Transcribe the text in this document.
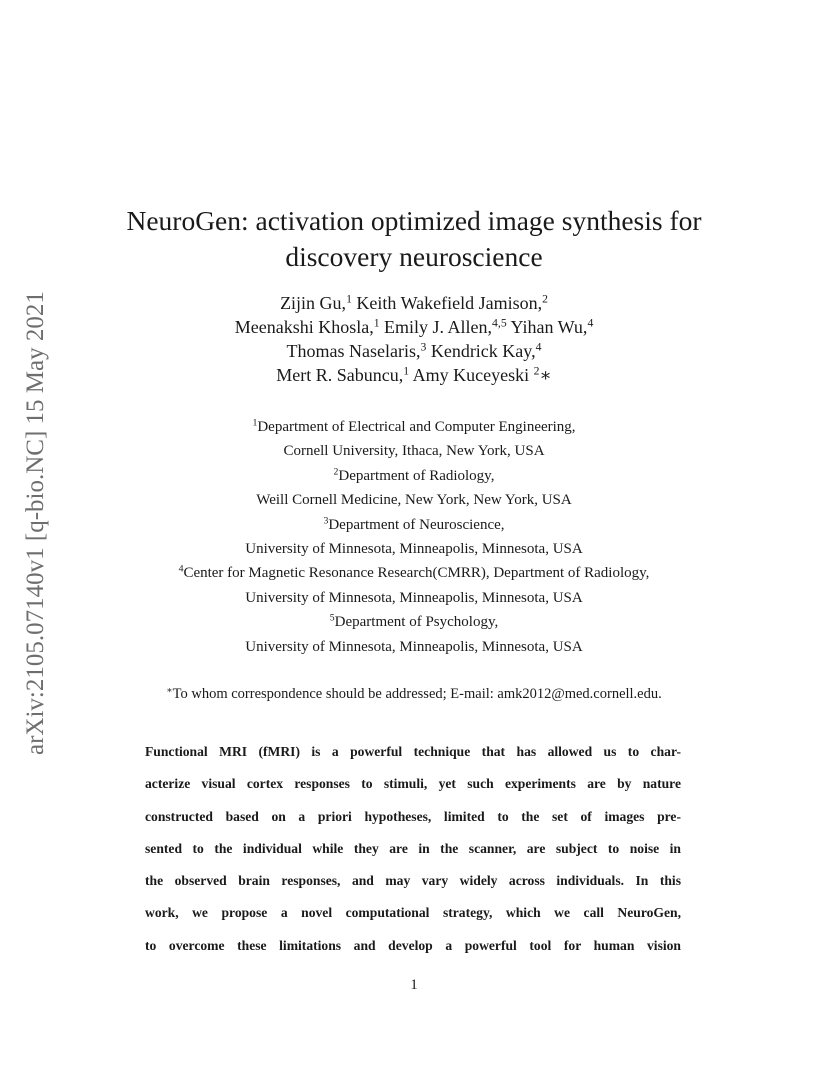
arXiv:2105.07140v1 [q-bio.NC] 15 May 2021
NeuroGen: activation optimized image synthesis for
discovery neuroscience
Zijin Gu,$^1$ Keith Wakefield Jamison,$^2$
Meenakshi Khosla,$^1$ Emily J. Allen,$^{4,5}$ Yihan Wu,$^4$
Thomas Naselaris,$^3$ Kendrick Kay,$^4$
Mert R. Sabuncu,$^1$ Amy Kuceyeski $^2$∗
$^1$Department of Electrical and Computer Engineering,
Cornell University, Ithaca, New York, USA
$^2$Department of Radiology,
Weill Cornell Medicine, New York, New York, USA
$^3$Department of Neuroscience,
University of Minnesota, Minneapolis, Minnesota, USA
$^4$Center for Magnetic Resonance Research(CMRR), Department of Radiology,
University of Minnesota, Minneapolis, Minnesota, USA
$^5$Department of Psychology,
University of Minnesota, Minneapolis, Minnesota, USA
∗To whom correspondence should be addressed; E-mail: amk2012@med.cornell.edu.
Functional MRI (fMRI) is a powerful technique that has allowed us to char-
acterize visual cortex responses to stimuli, yet such experiments are by nature
constructed based on a priori hypotheses, limited to the set of images pre-
sented to the individual while they are in the scanner, are subject to noise in
the observed brain responses, and may vary widely across individuals. In this
work, we propose a novel computational strategy, which we call NeuroGen,
to overcome these limitations and develop a powerful tool for human vision
1
